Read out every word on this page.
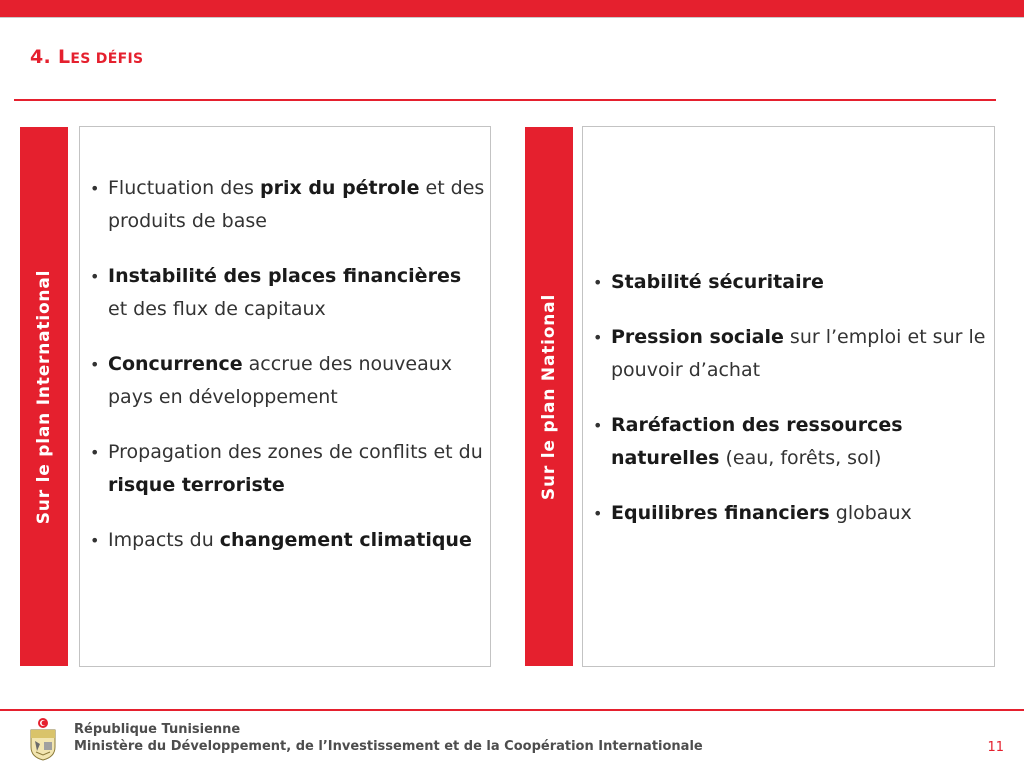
4. LES DÉFIS
Sur le plan International
• Fluctuation des prix du pétrole et des produits de base
• Instabilité des places financières et des flux de capitaux
• Concurrence accrue des nouveaux pays en développement
• Propagation des zones de conflits et du risque terroriste
• Impacts du changement climatique
Sur le plan National
• Stabilité sécuritaire
• Pression sociale sur l’emploi et sur le pouvoir d’achat
• Raréfaction des ressources naturelles (eau, forêts, sol)
• Equilibres financiers globaux
République Tunisienne
Ministère du Développement, de l’Investissement et de la Coopération Internationale	11
